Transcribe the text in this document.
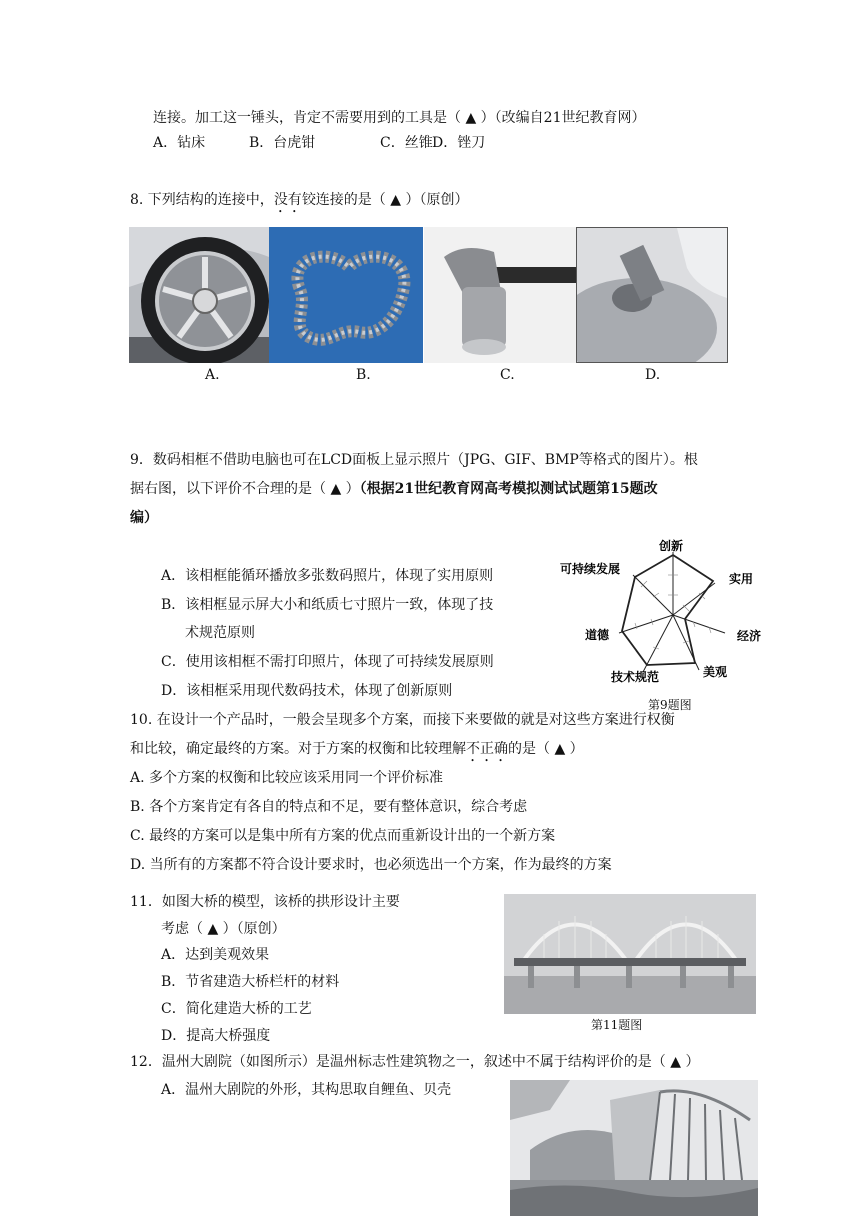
连接。加工这一锤头，肯定不需要用到的工具是（ ▲ ）（改编自21世纪教育网）
A．钻床	B．台虎钳	C．丝锥 D．锉刀
8. 下列结构的连接中，没有铰连接的是（ ▲ ）（原创）
A.	B.	C.	D.
9．数码相框不借助电脑也可在LCD面板上显示照片（JPG、GIF、BMP等格式的图片）。根
据右图，以下评价不合理的是（ ▲ ）（根据21世纪教育网高考模拟测试试题第15题改
编）
A．该相框能循环播放多张数码照片，体现了实用原则
B．该相框显示屏大小和纸质七寸照片一致，体现了技
术规范原则
C．使用该相框不需打印照片，体现了可持续发展原则
D．该相框采用现代数码技术，体现了创新原则
创新
实用
经济
美观
技术规范
道德
可持续发展
第9题图
10. 在设计一个产品时，一般会呈现多个方案，而接下来要做的就是对这些方案进行权衡
和比较，确定最终的方案。对于方案的权衡和比较理解不正确的是（ ▲ ）
A. 多个方案的权衡和比较应该采用同一个评价标准
B. 各个方案肯定有各自的特点和不足，要有整体意识，综合考虑
C. 最终的方案可以是集中所有方案的优点而重新设计出的一个新方案
D. 当所有的方案都不符合设计要求时，也必须选出一个方案，作为最终的方案
11．如图大桥的模型，该桥的拱形设计主要
考虑（ ▲ ）（原创）
A．达到美观效果
B．节省建造大桥栏杆的材料
C．简化建造大桥的工艺
D．提高大桥强度
第11题图
12．温州大剧院（如图所示）是温州标志性建筑物之一，叙述中不属于结构评价的是（ ▲ ）
A．温州大剧院的外形，其构思取自鲤鱼、贝壳
